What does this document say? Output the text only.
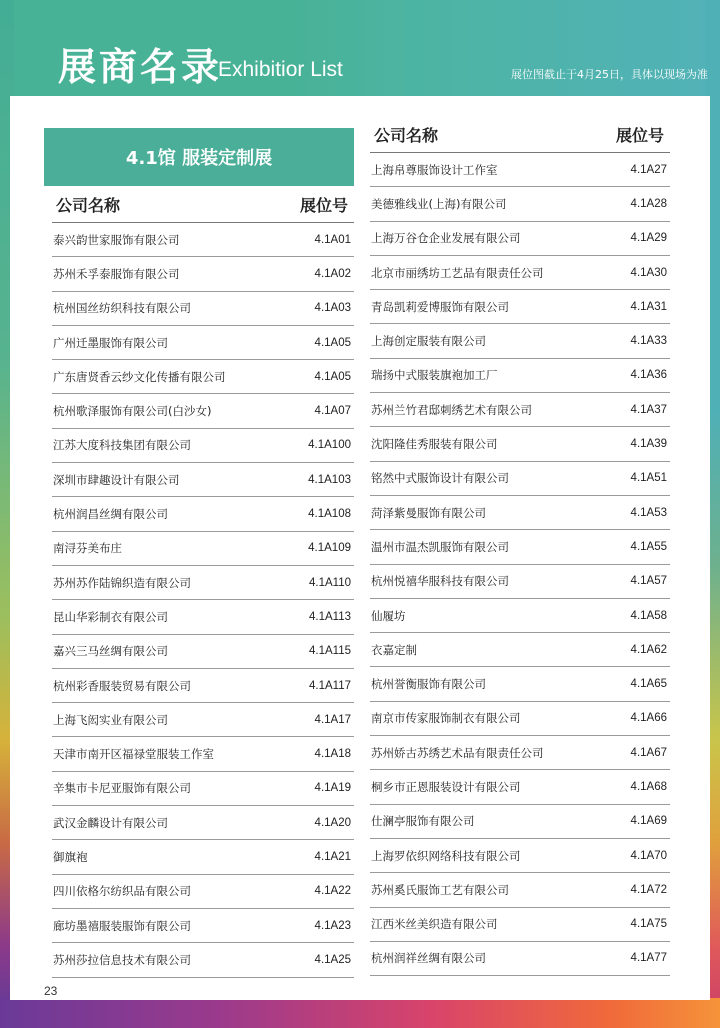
展商名录
Exhibitior List	展位图截止于4月25日，具体以现场为准
4.1馆 服装定制展
公司名称	展位号
泰兴韵世家服饰有限公司	4.1A01
苏州禾孚泰服饰有限公司	4.1A02
杭州国丝纺织科技有限公司	4.1A03
广州迁墨服饰有限公司	4.1A05
广东唐贤香云纱文化传播有限公司	4.1A05
杭州歌泽服饰有限公司(白沙女)	4.1A07
江苏大度科技集团有限公司	4.1A100
深圳市肆趣设计有限公司	4.1A103
杭州润昌丝绸有限公司	4.1A108
南浔芬美布庄	4.1A109
苏州苏作陆锦织造有限公司	4.1A110
昆山华彩制衣有限公司	4.1A113
嘉兴三马丝绸有限公司	4.1A115
杭州彩香服装贸易有限公司	4.1A117
上海飞闳实业有限公司	4.1A17
天津市南开区福禄堂服装工作室	4.1A18
辛集市卡尼亚服饰有限公司	4.1A19
武汉金麟设计有限公司	4.1A20
御旗袍	4.1A21
四川依格尔纺织品有限公司	4.1A22
廊坊墨禧服装服饰有限公司	4.1A23
苏州莎拉信息技术有限公司	4.1A25
公司名称	展位号
上海帛尊服饰设计工作室	4.1A27
美德雅线业(上海)有限公司	4.1A28
上海万谷仓企业发展有限公司	4.1A29
北京市丽绣坊工艺品有限责任公司	4.1A30
青岛凯莉爱博服饰有限公司	4.1A31
上海创定服装有限公司	4.1A33
瑞扬中式服装旗袍加工厂	4.1A36
苏州兰竹君邸刺绣艺术有限公司	4.1A37
沈阳隆佳秀服装有限公司	4.1A39
铭然中式服饰设计有限公司	4.1A51
菏泽紫曼服饰有限公司	4.1A53
温州市温杰凯服饰有限公司	4.1A55
杭州悦禧华服科技有限公司	4.1A57
仙履坊	4.1A58
衣嘉定制	4.1A62
杭州誉衡服饰有限公司	4.1A65
南京市传家服饰制衣有限公司	4.1A66
苏州娇古苏绣艺术品有限责任公司	4.1A67
桐乡市正恩服装设计有限公司	4.1A68
仕澜亭服饰有限公司	4.1A69
上海罗依织网络科技有限公司	4.1A70
苏州奚氏服饰工艺有限公司	4.1A72
江西米丝美织造有限公司	4.1A75
杭州润祥丝绸有限公司	4.1A77
23
